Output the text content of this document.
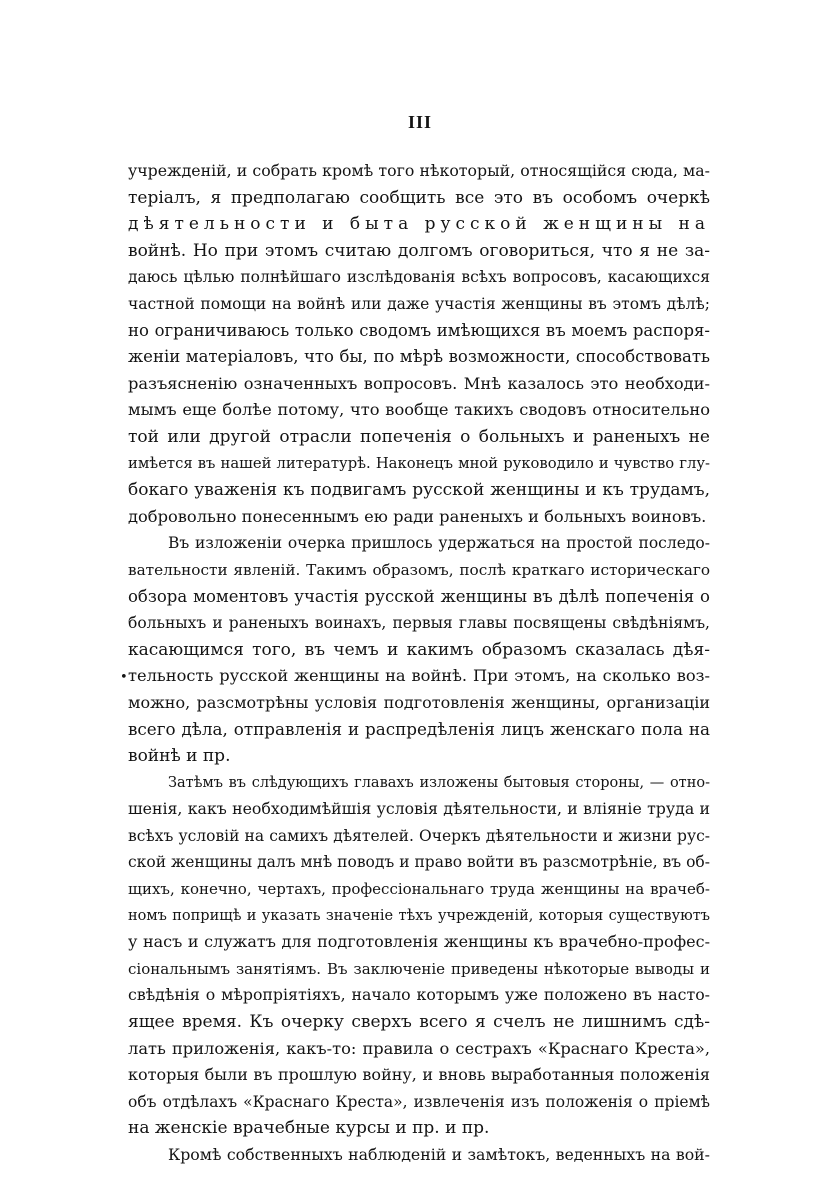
III
учрежденій, и собрать кромѣ того нѣкоторый, относящійся сюда, ма-
теріалъ, я предполагаю сообщить все это въ особомъ очеркѣ
дѣятельности и быта русской женщины на
войнѣ. Но при этомъ считаю долгомъ оговориться, что я не за-
даюсь цѣлью полнѣйшаго изслѣдованія всѣхъ вопросовъ, касающихся
частной помощи на войнѣ или даже участія женщины въ этомъ дѣлѣ;
но ограничиваюсь только сводомъ имѣющихся въ моемъ распоря-
женіи матеріаловъ, что бы, по мѣрѣ возможности, способствовать
разъясненію означенныхъ вопросовъ. Мнѣ казалось это необходи-
мымъ еще болѣе потому, что вообще такихъ сводовъ относительно
той или другой отрасли попеченія о больныхъ и раненыхъ не
имѣется въ нашей литературѣ. Наконецъ мной руководило и чувство глу-
бокаго уваженія къ подвигамъ русской женщины и къ трудамъ,
добровольно понесеннымъ ею ради раненыхъ и больныхъ воиновъ.
Въ изложеніи очерка пришлось удержаться на простой последо-
вательности явленій. Такимъ образомъ, послѣ краткаго историческаго
обзора моментовъ участія русской женщины въ дѣлѣ попеченія о
больныхъ и раненыхъ воинахъ, первыя главы посвящены свѣдѣніямъ,
касающимся того, въ чемъ и какимъ образомъ сказалась дѣя-
тельность русской женщины на войнѣ. При этомъ, на сколько воз-
можно, разсмотрѣны условія подготовленія женщины, организаціи
всего дѣла, отправленія и распредѣленія лицъ женскаго пола на
войнѣ и пр.
Затѣмъ въ слѣдующихъ главахъ изложены бытовыя стороны, — отно-
шенія, какъ необходимѣйшія условія дѣятельности, и вліяніе труда и
всѣхъ условій на самихъ дѣятелей. Очеркъ дѣятельности и жизни рус-
ской женщины далъ мнѣ поводъ и право войти въ разсмотрѣніе, въ об-
щихъ, конечно, чертахъ, профессіональнаго труда женщины на врачеб-
номъ поприщѣ и указать значеніе тѣхъ учрежденій, которыя существуютъ
у насъ и служатъ для подготовленія женщины къ врачебно-профес-
сіональнымъ занятіямъ. Въ заключеніе приведены нѣкоторые выводы и
свѣдѣнія о мѣропріятіяхъ, начало которымъ уже положено въ насто-
ящее время. Къ очерку сверхъ всего я счелъ не лишнимъ сдѣ-
лать приложенія, какъ-то: правила о сестрахъ «Краснаго Креста»,
которыя были въ прошлую войну, и вновь выработанныя положенія
объ отдѣлахъ «Краснаго Креста», извлеченія изъ положенія о пріемѣ
на женскіе врачебные курсы и пр. и пр.
Кромѣ собственныхъ наблюденій и замѣтокъ, веденныхъ на вой-
•
